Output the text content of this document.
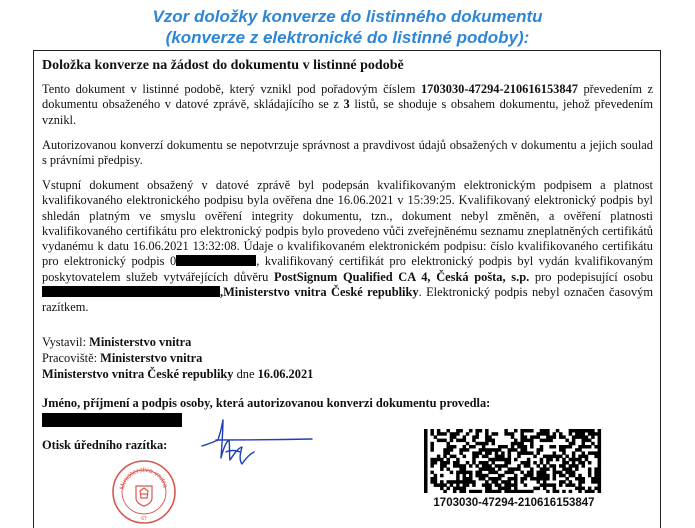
Vzor doložky konverze do listinného dokumentu
(konverze z elektronické do listinné podoby):
Doložka konverze na žádost do dokumentu v listinné podobě

Tento dokument v listinné podobě, který vznikl pod pořadovým číslem 1703030-47294-210616153847 převedením z dokumentu obsaženého v datové zprávě, skládajícího se z 3 listů, se shoduje s obsahem dokumentu, jehož převedením vznikl.

Autorizovanou konverzí dokumentu se nepotvrzuje správnost a pravdivost údajů obsažených v dokumentu a jejich soulad s právními předpisy.

Vstupní dokument obsažený v datové zprávě byl podepsán kvalifikovaným elektronickým podpisem a platnost kvalifikovaného elektronického podpisu byla ověřena dne 16.06.2021 v 15:39:25. Kvalifikovaný elektronický podpis byl shledán platným ve smyslu ověření integrity dokumentu, tzn., dokument nebyl změněn, a ověření platnosti kvalifikovaného certifikátu pro elektronický podpis bylo provedeno vůči zveřejněnému seznamu zneplatněných certifikátů vydanému k datu 16.06.2021 13:32:08. Údaje o kvalifikovaném elektronickém podpisu: číslo kvalifikovaného certifikátu pro elektronický podpis 0	, kvalifikovaný certifikát pro elektronický podpis byl vydán kvalifikovaným poskytovatelem služeb vytvářejících důvěru PostSignum Qualified CA 4, Česká pošta, s.p. pro podepisující osobu ,Ministerstvo vnitra České republiky. Elektronický podpis nebyl označen časovým razítkem.

Vystavil: Ministerstvo vnitra
Pracoviště: Ministerstvo vnitra
Ministerstvo vnitra České republiky dne 16.06.2021
Jméno, příjmení a podpis osoby, která autorizovanou konverzi dokumentu provedla:
Otisk úředního razítka:
Ministerstvo vnitra
67
1703030-47294-210616153847
